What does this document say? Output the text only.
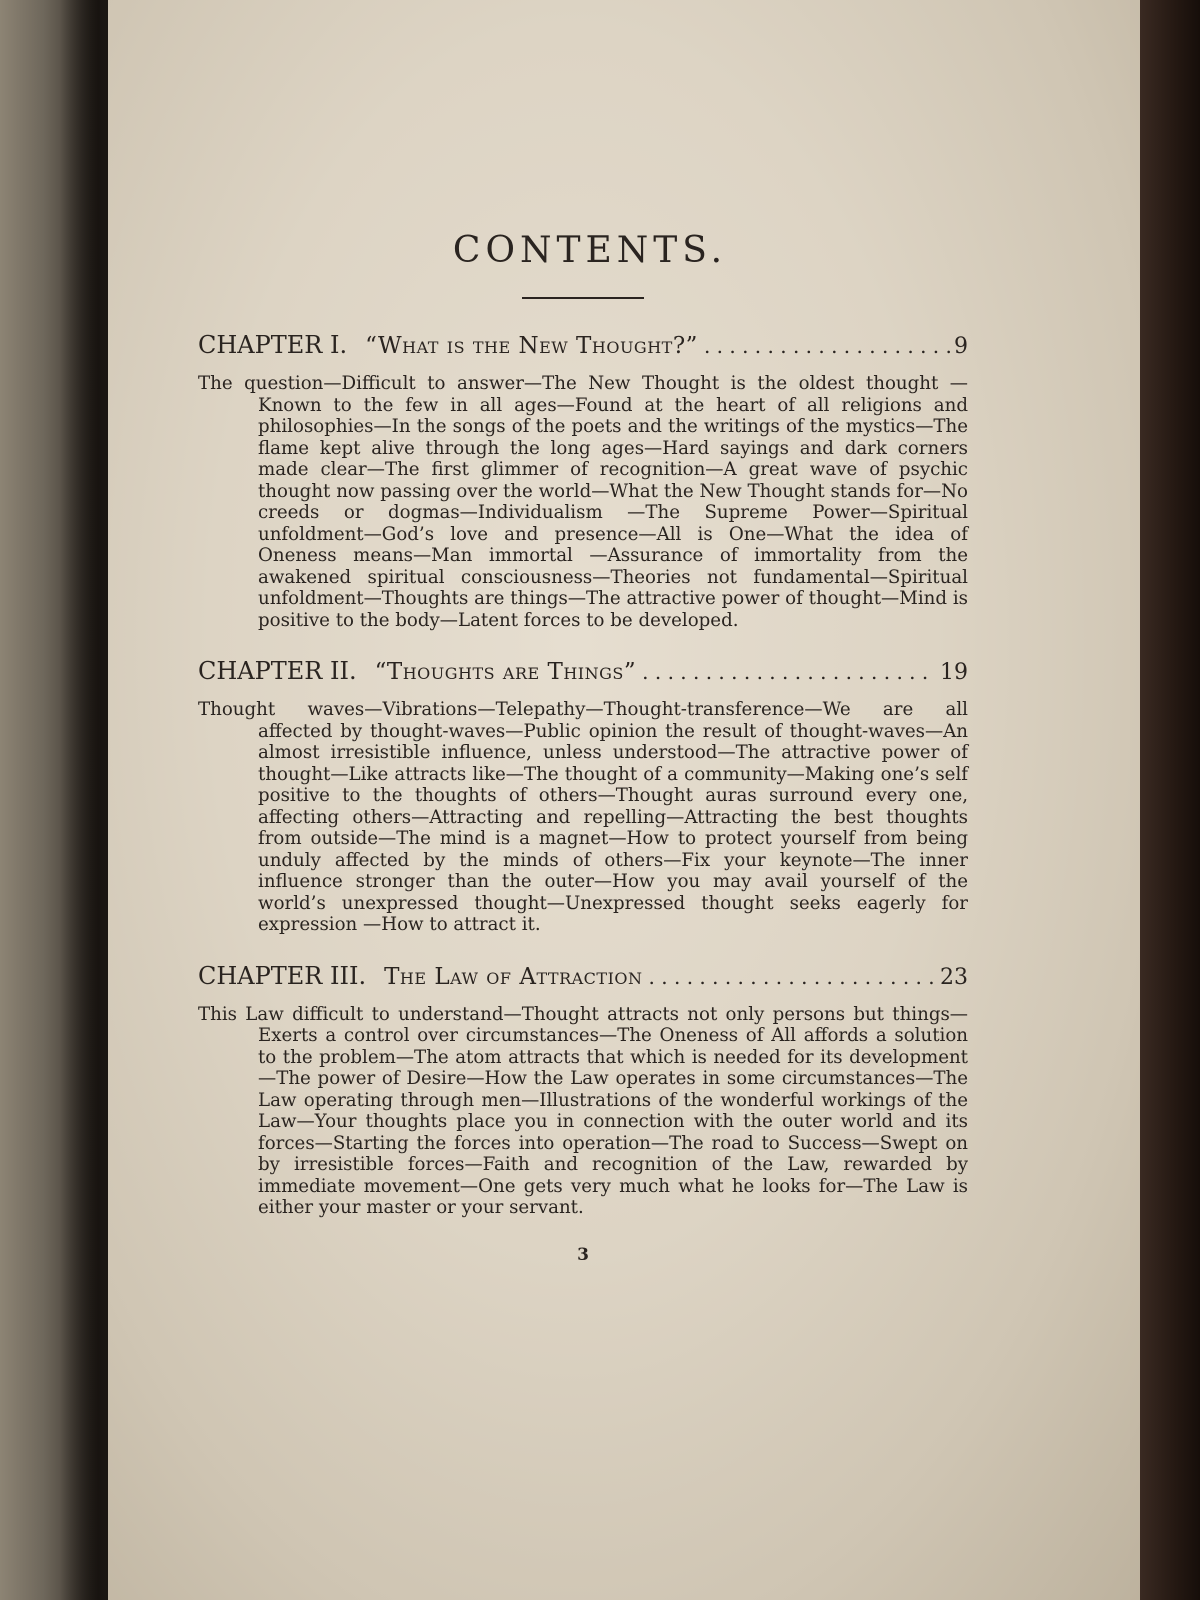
CONTENTS.
CHAPTER I. “What is the New Thought?” . . .	9

The question—Difficult to answer—The New Thought is the oldest thought —Known to the few in all ages—Found at the heart of all religions and philosophies—In the songs of the poets and the writings of the mystics—The flame kept alive through the long ages—Hard sayings and dark corners made clear—The first glimmer of recognition—A great wave of psychic thought now passing over the world—What the New Thought stands for—No creeds or dogmas—Individualism —The Supreme Power—Spiritual unfoldment—God’s love and presence—All is One—What the idea of Oneness means—Man immortal —Assurance of immortality from the awakened spiritual consciousness—Theories not fundamental—Spiritual unfoldment—Thoughts are things—The attractive power of thought—Mind is positive to the body—Latent forces to be developed.

CHAPTER II. “Thoughts are Things” . . .	19

Thought waves—Vibrations—Telepathy—Thought-transference—We are all affected by thought-waves—Public opinion the result of thought-waves—An almost irresistible influence, unless understood—The attractive power of thought—Like attracts like—The thought of a community—Making one’s self positive to the thoughts of others—Thought auras surround every one, affecting others—Attracting and repelling—Attracting the best thoughts from outside—The mind is a magnet—How to protect yourself from being unduly affected by the minds of others—Fix your keynote—The inner influence stronger than the outer—How you may avail yourself of the world’s unexpressed thought—Unexpressed thought seeks eagerly for expression —How to attract it.

CHAPTER III. The Law of Attraction . . .	23

This Law difficult to understand—Thought attracts not only persons but things—Exerts a control over circumstances—The Oneness of All affords a solution to the problem—The atom attracts that which is needed for its development—The power of Desire—How the Law operates in some circumstances—The Law operating through men—Illustrations of the wonderful workings of the Law—Your thoughts place you in connection with the outer world and its forces—Starting the forces into operation—The road to Success—Swept on by irresistible forces—Faith and recognition of the Law, rewarded by immediate movement—One gets very much what he looks for—The Law is either your master or your servant.

3
